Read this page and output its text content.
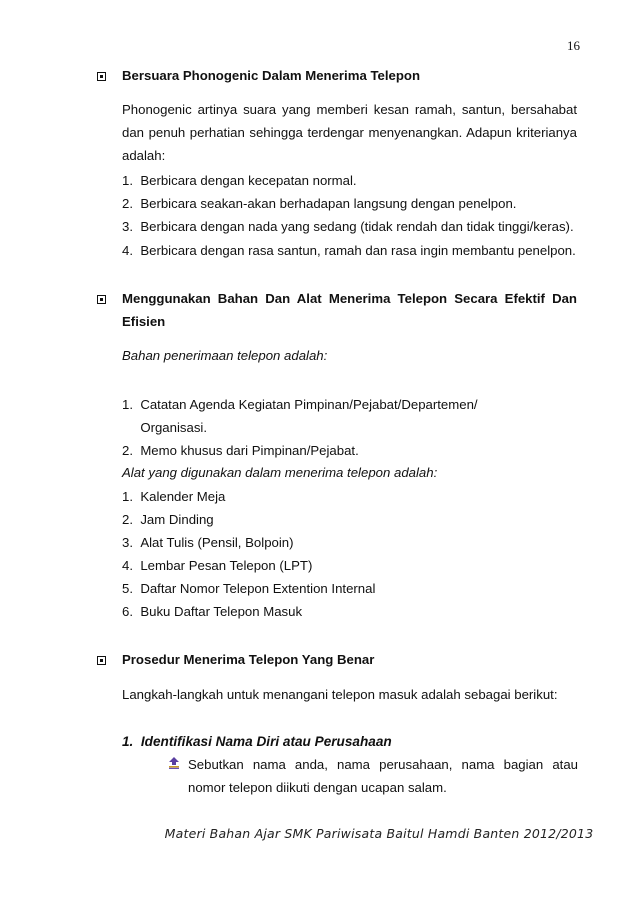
16
Bersuara Phonogenic Dalam Menerima Telepon
Phonogenic artinya suara yang memberi kesan ramah, santun, bersahabat dan penuh perhatian sehingga terdengar menyenangkan. Adapun kriterianya adalah:
1.  Berbicara dengan kecepatan normal.
2.  Berbicara seakan-akan berhadapan langsung dengan penelpon.
3.  Berbicara dengan nada yang sedang (tidak rendah dan tidak tinggi/keras).
4.  Berbicara dengan rasa santun, ramah dan rasa ingin membantu penelpon.
Menggunakan Bahan Dan Alat Menerima Telepon Secara Efektif Dan
Efisien
Bahan penerimaan telepon adalah:
1.  Catatan Agenda Kegiatan Pimpinan/Pejabat/Departemen/
Organisasi.
2.  Memo khusus dari Pimpinan/Pejabat.
Alat yang digunakan dalam menerima telepon adalah:
1.  Kalender Meja
2.  Jam Dinding
3.  Alat Tulis (Pensil, Bolpoin)
4.  Lembar Pesan Telepon (LPT)
5.  Daftar Nomor Telepon Extention Internal
6.  Buku Daftar Telepon Masuk
Prosedur Menerima Telepon Yang Benar
Langkah-langkah untuk menangani telepon masuk adalah sebagai berikut:
1.  Identifikasi Nama Diri atau Perusahaan
Sebutkan nama anda, nama perusahaan, nama bagian atau nomor telepon diikuti dengan ucapan salam.
Materi Bahan Ajar SMK Pariwisata Baitul Hamdi Banten 2012/2013
